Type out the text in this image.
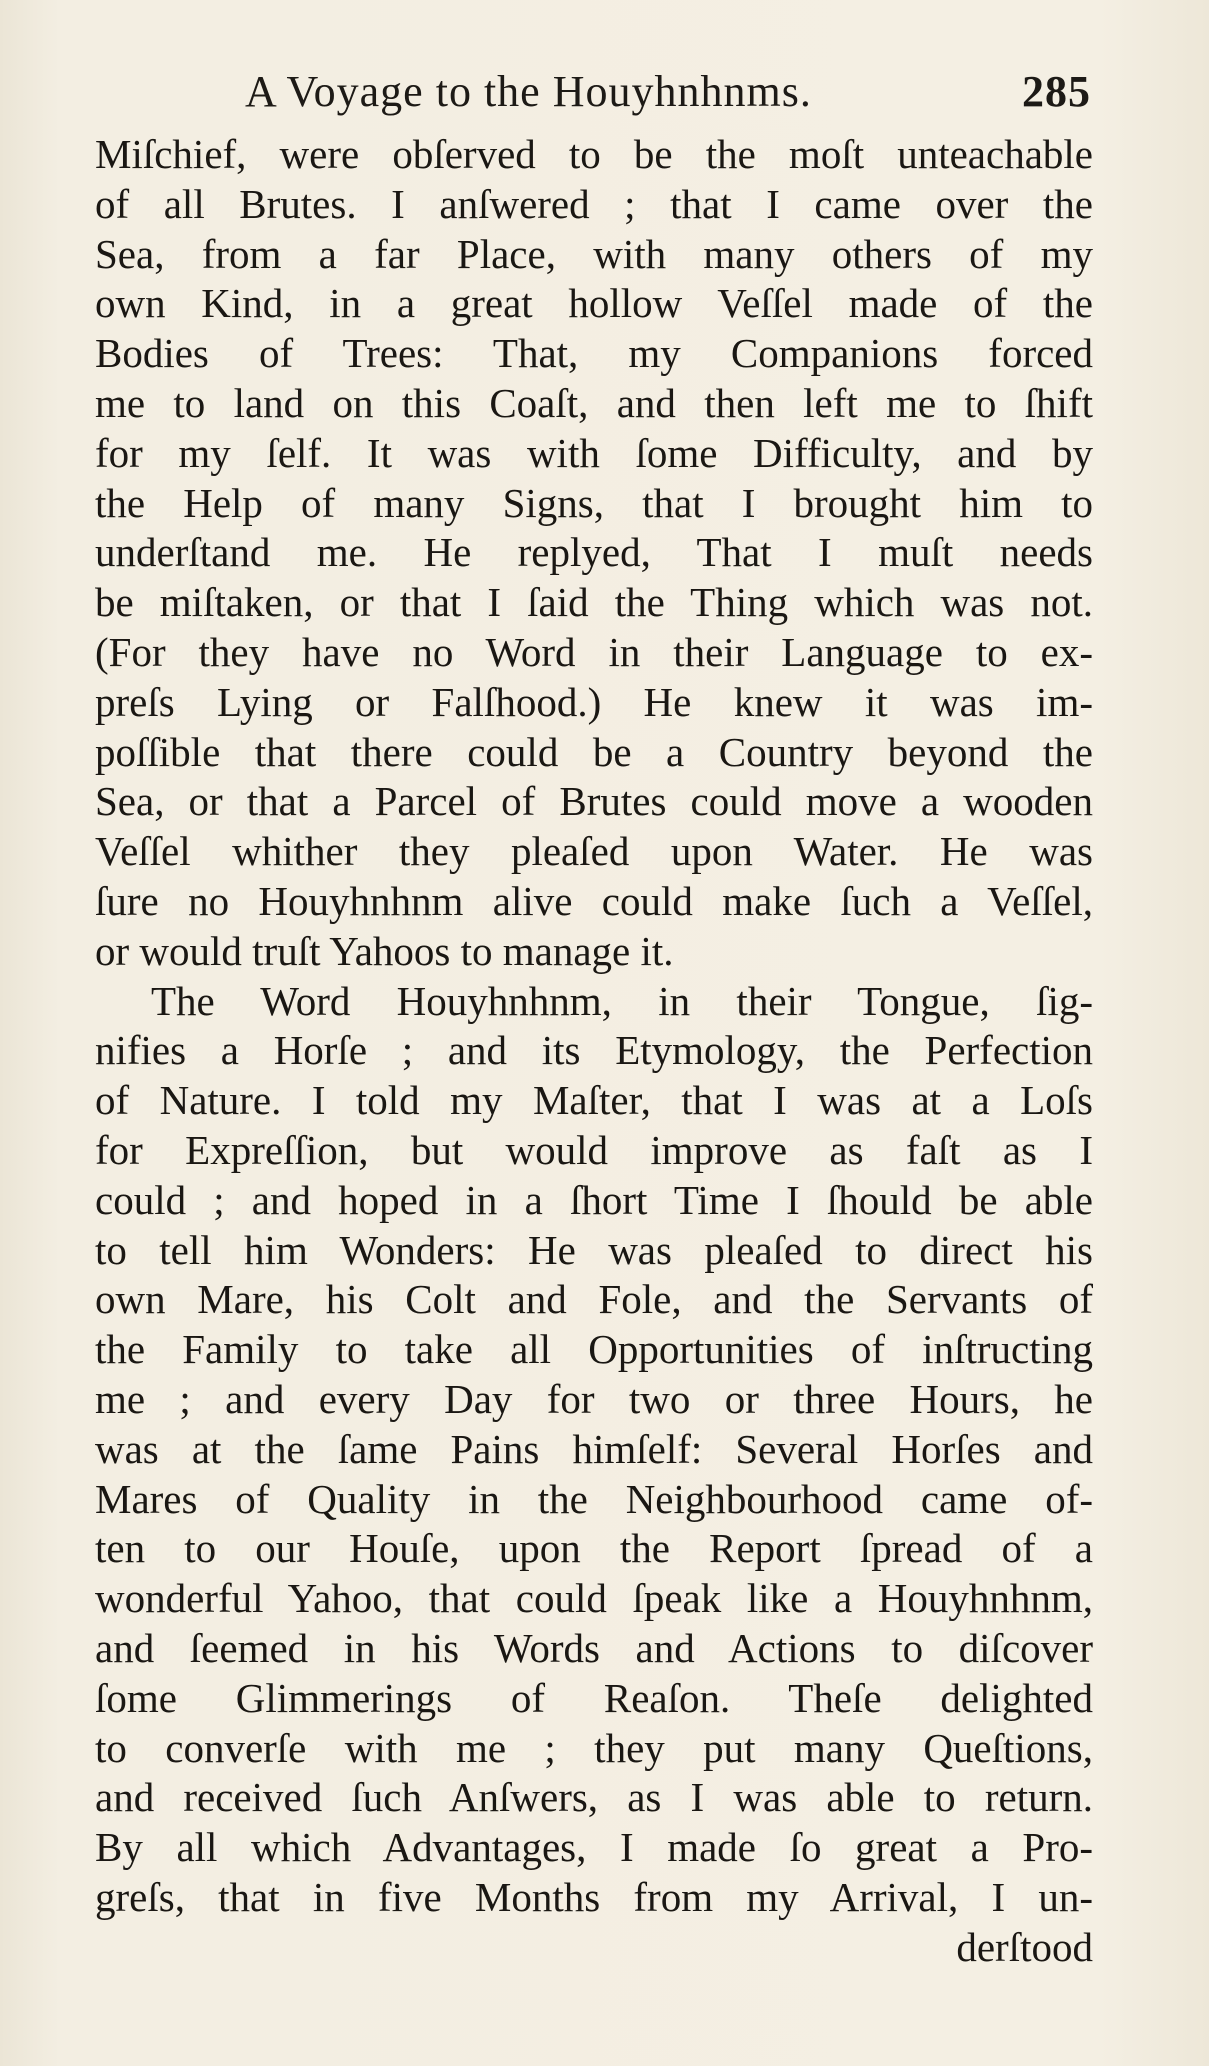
A Voyage to the Houyhnhnms.	285
Miſchief, were obſerved to be the moſt unteachable
of all Brutes. I anſwered ; that I came over the
Sea, from a far Place, with many others of my
own Kind, in a great hollow Veſſel made of the
Bodies of Trees: That, my Companions forced
me to land on this Coaſt, and then left me to ſhift
for my ſelf. It was with ſome Difficulty, and by
the Help of many Signs, that I brought him to
underſtand me. He replyed, That I muſt needs
be miſtaken, or that I ſaid the Thing which was not.
(For they have no Word in their Language to ex-
preſs Lying or Falſhood.) He knew it was im-
poſſible that there could be a Country beyond the
Sea, or that a Parcel of Brutes could move a wooden
Veſſel whither they pleaſed upon Water. He was
ſure no Houyhnhnm alive could make ſuch a Veſſel,
or would truſt Yahoos to manage it.
The Word Houyhnhnm, in their Tongue, ſig-
nifies a Horſe ; and its Etymology, the Perfection
of Nature. I told my Maſter, that I was at a Loſs
for Expreſſion, but would improve as faſt as I
could ; and hoped in a ſhort Time I ſhould be able
to tell him Wonders: He was pleaſed to direct his
own Mare, his Colt and Fole, and the Servants of
the Family to take all Opportunities of inſtructing
me ; and every Day for two or three Hours, he
was at the ſame Pains himſelf: Several Horſes and
Mares of Quality in the Neighbourhood came of-
ten to our Houſe, upon the Report ſpread of a
wonderful Yahoo, that could ſpeak like a Houyhnhnm,
and ſeemed in his Words and Actions to diſcover
ſome Glimmerings of Reaſon. Theſe delighted
to converſe with me ; they put many Queſtions,
and received ſuch Anſwers, as I was able to return.
By all which Advantages, I made ſo great a Pro-
greſs, that in five Months from my Arrival, I un-
derſtood
